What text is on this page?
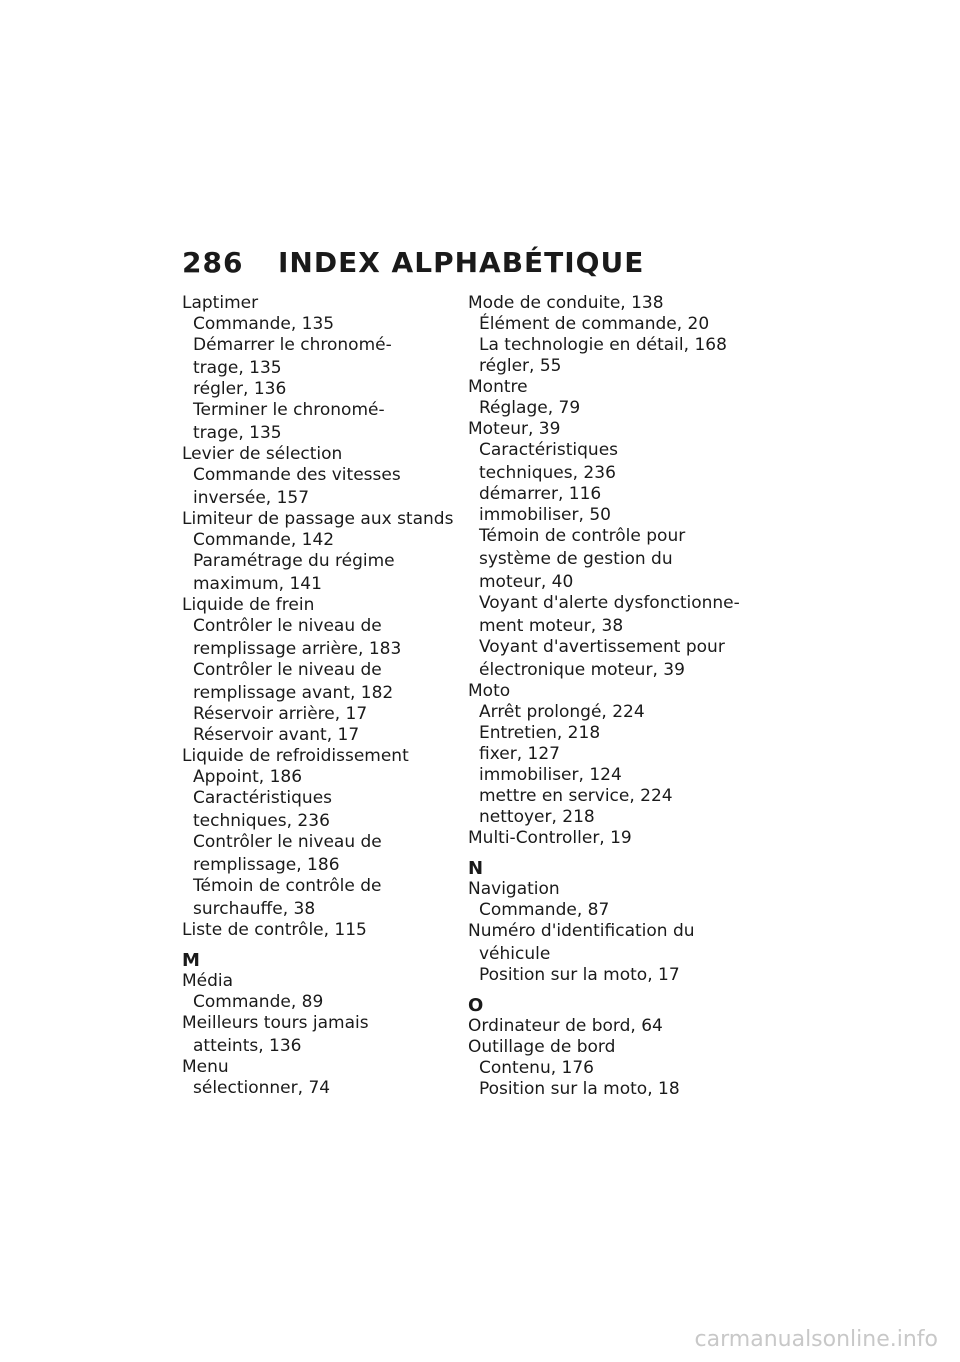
286 INDEX ALPHABÉTIQUE
Laptimer
Commande, 135
Démarrer le chronomé-
trage, 135
régler, 136
Terminer le chronomé-
trage, 135
Levier de sélection
Commande des vitesses
inversée, 157
Limiteur de passage aux stands
Commande, 142
Paramétrage du régime
maximum, 141
Liquide de frein
Contrôler le niveau de
remplissage arrière, 183
Contrôler le niveau de
remplissage avant, 182
Réservoir arrière, 17
Réservoir avant, 17
Liquide de refroidissement
Appoint, 186
Caractéristiques
techniques, 236
Contrôler le niveau de
remplissage, 186
Témoin de contrôle de
surchauffe, 38
Liste de contrôle, 115
M
Média
Commande, 89
Meilleurs tours jamais
atteints, 136
Menu
sélectionner, 74
Mode de conduite, 138
Élément de commande, 20
La technologie en détail, 168
régler, 55
Montre
Réglage, 79
Moteur, 39
Caractéristiques
techniques, 236
démarrer, 116
immobiliser, 50
Témoin de contrôle pour
système de gestion du
moteur, 40
Voyant d'alerte dysfonctionne-
ment moteur, 38
Voyant d'avertissement pour
électronique moteur, 39
Moto
Arrêt prolongé, 224
Entretien, 218
fixer, 127
immobiliser, 124
mettre en service, 224
nettoyer, 218
Multi-Controller, 19
N
Navigation
Commande, 87
Numéro d'identification du
véhicule
Position sur la moto, 17
O
Ordinateur de bord, 64
Outillage de bord
Contenu, 176
Position sur la moto, 18
carmanualsonline.info
